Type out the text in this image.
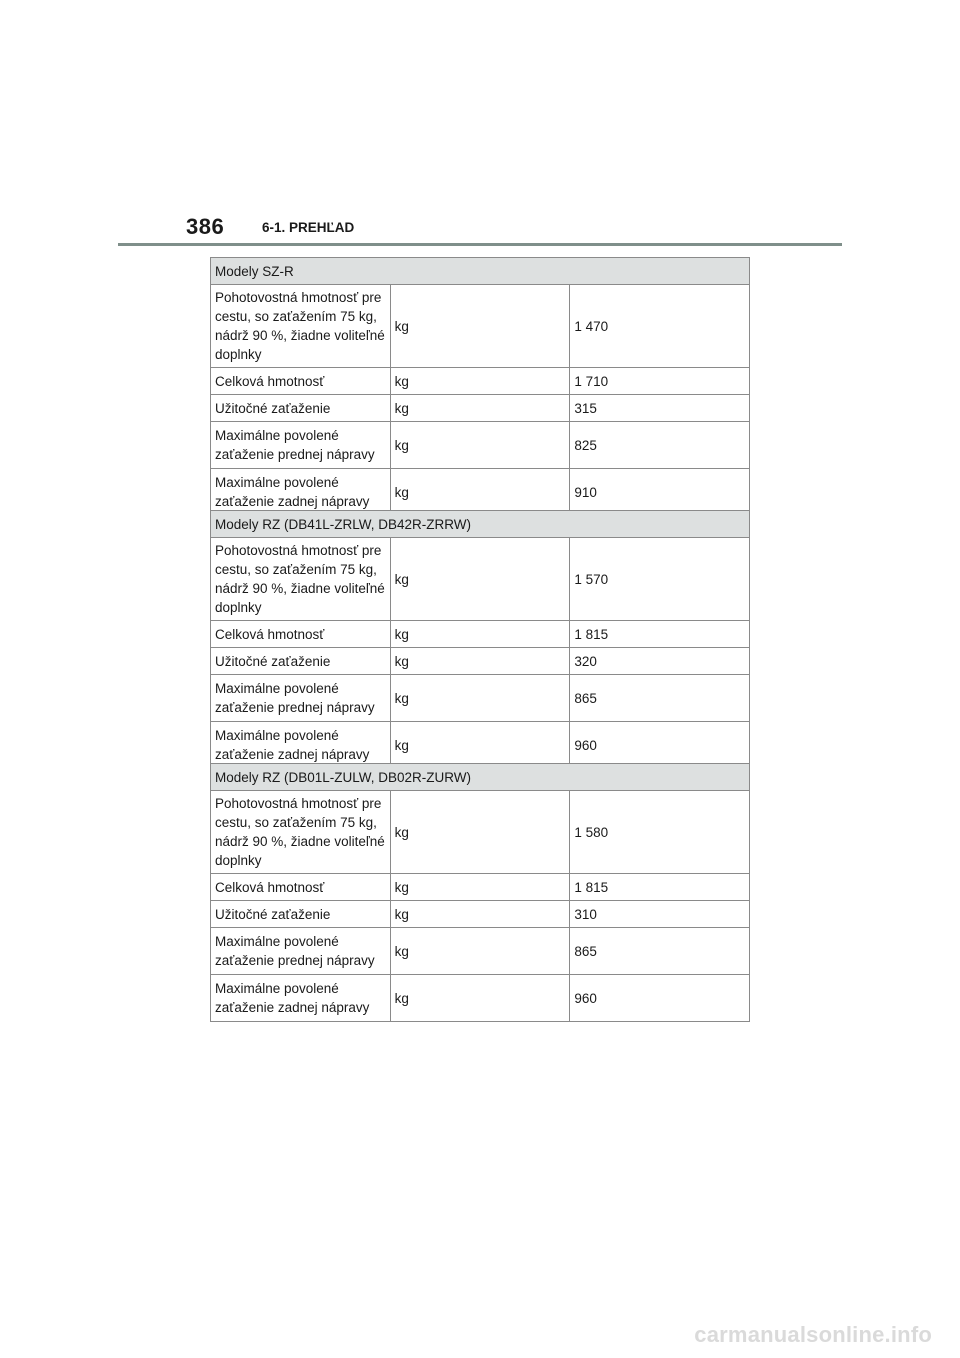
386	6-1. PREHĽAD
Modely SZ-R		
Pohotovostná hmotnosť pre cestu, so zaťažením 75 kg, nádrž 90 %, žiadne voliteľné doplnky	kg	1 470
Celková hmotnosť	kg	1 710
Užitočné zaťaženie	kg	315
Maximálne povolené zaťaženie prednej nápravy	kg	825
Maximálne povolené zaťaženie zadnej nápravy	kg	910
Modely RZ (DB41L-ZRLW, DB42R-ZRRW)		
Pohotovostná hmotnosť pre cestu, so zaťažením 75 kg, nádrž 90 %, žiadne voliteľné doplnky	kg	1 570
Celková hmotnosť	kg	1 815
Užitočné zaťaženie	kg	320
Maximálne povolené zaťaženie prednej nápravy	kg	865
Maximálne povolené zaťaženie zadnej nápravy	kg	960
Modely RZ (DB01L-ZULW, DB02R-ZURW)		
Pohotovostná hmotnosť pre cestu, so zaťažením 75 kg, nádrž 90 %, žiadne voliteľné doplnky	kg	1 580
Celková hmotnosť	kg	1 815
Užitočné zaťaženie	kg	310
Maximálne povolené zaťaženie prednej nápravy	kg	865
Maximálne povolené zaťaženie zadnej nápravy	kg	960
carmanualsonline.info
